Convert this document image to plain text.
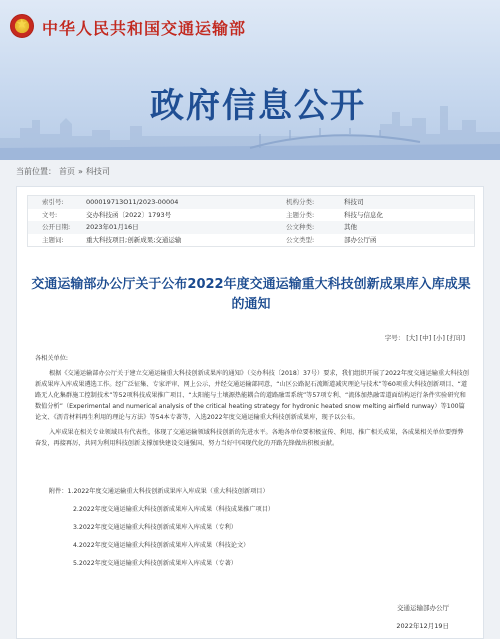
★
中华人民共和国交通运输部
政府信息公开
当前位置： 首页 » 科技司
索引号:	000019713O11/2023-00004	机构分类:	科技司
文号:	交办科技函〔2022〕1793号	主题分类:	科技与信息化
公开日期:	2023年01月16日	公文种类:	其他
主题词:	重大科技项目;创新成果;交通运输	公文类型:	部办公厅函
交通运输部办公厅关于公布2022年度交通运输重大科技创新成果库入库成果的通知
字号： [大] [中] [小] [打印]

各相关单位:

根据《交通运输部办公厅关于建立交通运输重大科技创新成果库的通知》（交办科技〔2018〕37号）要求，我们组织开展了2022年度交通运输重大科技创新成果库入库成果遴选工作。经广泛征集、专家评审、网上公示，并经交通运输部同意，“山区公路泥石流断道减灾理论与技术”等60项重大科技创新项目、“道路无人化集群施工控制技术”等52项科技成果推广项目、“太阳能与土壤源热能耦合的道路融雪系统”等57项专利、“流体加热融雪道面结构运行条件实验研究和数值分析”（Experimental and numerical analysis of the critical heating strategy for hydronic heated snow melting airfield runway）等100篇论文、《沥青材料再生利用的理论与方法》等54本专著等，入选2022年度交通运输重大科技创新成果库，现予以公布。

入库成果在相关专业领域具有代表性，体现了交通运输领域科技创新的先进水平。各地各单位要积极宣传、利用、推广相关成果，各成果相关单位要弹弊奋发，再接再厉，共同为利用科技创新支撑加快建设交通强国、努力当好中国现代化的开路先锋做出积极贡献。

附件：1.2022年度交通运输重大科技创新成果库入库成果（重大科技创新项目）
2.2022年度交通运输重大科技创新成果库入库成果（科技成果推广项目）
3.2022年度交通运输重大科技创新成果库入库成果（专利）
4.2022年度交通运输重大科技创新成果库入库成果（科技论文）
5.2022年度交通运输重大科技创新成果库入库成果（专著）
交通运输部办公厅
2022年12月19日
